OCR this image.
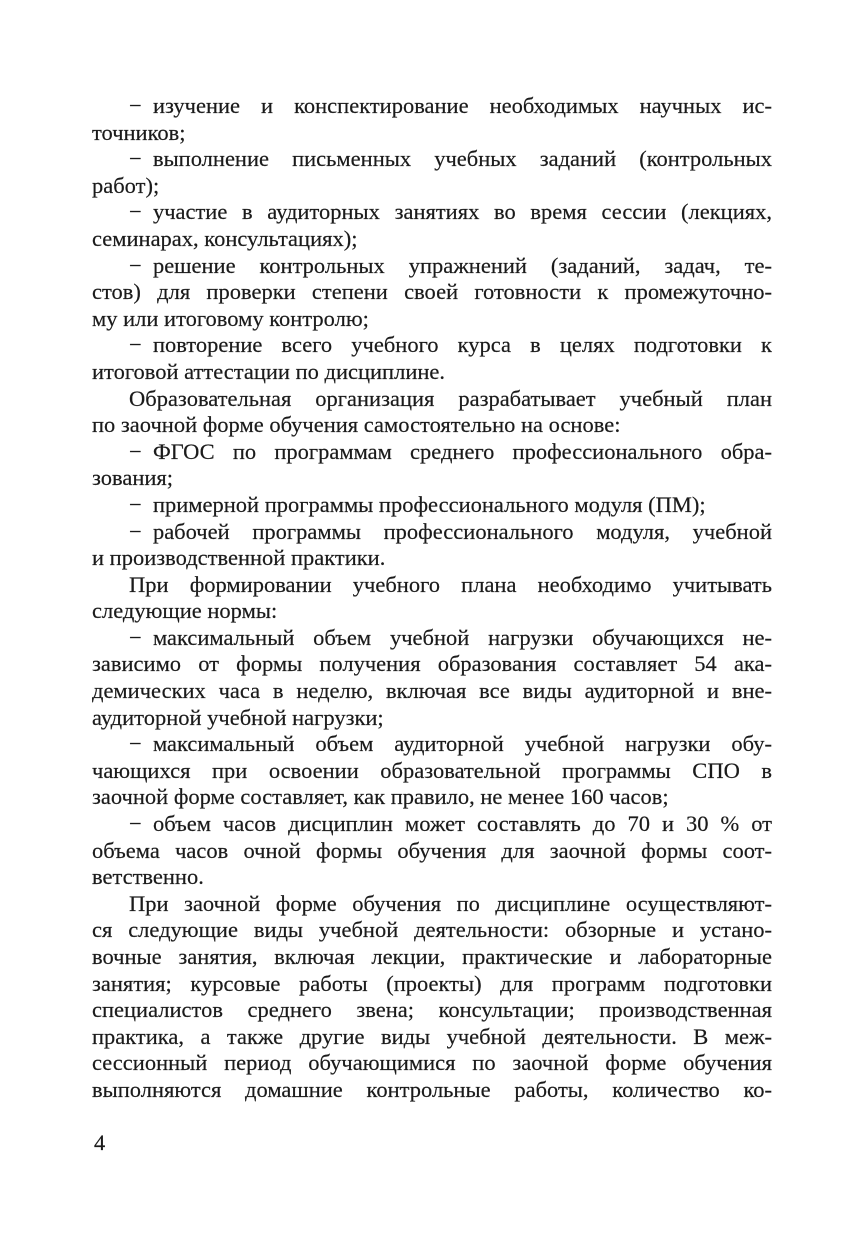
− изучение и конспектирование необходимых научных ис-
точников;
− выполнение письменных учебных заданий (контрольных
работ);
− участие в аудиторных занятиях во время сессии (лекциях,
семинарах, консультациях);
− решение контрольных упражнений (заданий, задач, те-
стов) для проверки степени своей готовности к промежуточно-
му или итоговому контролю;
− повторение всего учебного курса в целях подготовки к
итоговой аттестации по дисциплине.
Образовательная организация разрабатывает учебный план
по заочной форме обучения самостоятельно на основе:
− ФГОС по программам среднего профессионального обра-
зования;
− примерной программы профессионального модуля (ПМ);
− рабочей программы профессионального модуля, учебной
и производственной практики.
При формировании учебного плана необходимо учитывать
следующие нормы:
− максимальный объем учебной нагрузки обучающихся не-
зависимо от формы получения образования составляет 54 ака-
демических часа в неделю, включая все виды аудиторной и вне-
аудиторной учебной нагрузки;
− максимальный объем аудиторной учебной нагрузки обу-
чающихся при освоении образовательной программы СПО в
заочной форме составляет, как правило, не менее 160 часов;
− объем часов дисциплин может составлять до 70 и 30 % от
объема часов очной формы обучения для заочной формы соот-
ветственно.
При заочной форме обучения по дисциплине осуществляют-
ся следующие виды учебной деятельности: обзорные и устано-
вочные занятия, включая лекции, практические и лабораторные
занятия; курсовые работы (проекты) для программ подготовки
специалистов среднего звена; консультации; производственная
практика, а также другие виды учебной деятельности. В меж-
сессионный период обучающимися по заочной форме обучения
выполняются домашние контрольные работы, количество ко-
4
